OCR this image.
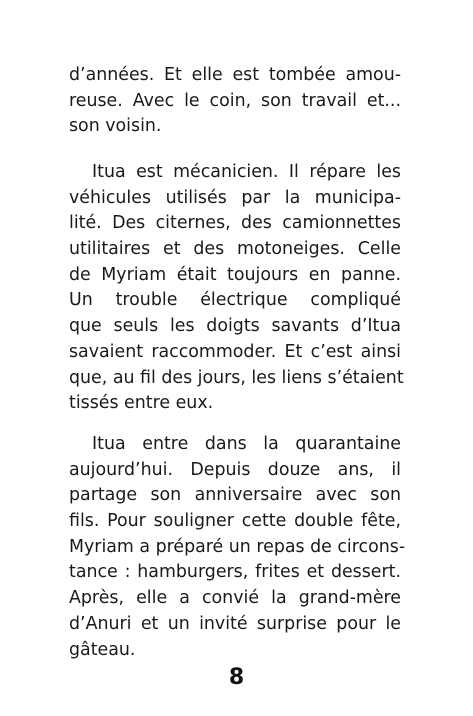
d’années. Et elle est tombée amou-
reuse. Avec le coin, son travail et...
son voisin.

Itua est mécanicien. Il répare les
véhicules utilisés par la municipa-
lité. Des citernes, des camionnettes
utilitaires et des motoneiges. Celle
de Myriam était toujours en panne.
Un trouble électrique compliqué
que seuls les doigts savants d’Itua
savaient raccommoder. Et c’est ainsi
que, au fil des jours, les liens s’étaient
tissés entre eux.

Itua entre dans la quarantaine
aujourd’hui. Depuis douze ans, il
partage son anniversaire avec son
fils. Pour souligner cette double fête,
Myriam a préparé un repas de circons-
tance : hamburgers, frites et dessert.
Après, elle a convié la grand-mère
d’Anuri et un invité surprise pour le
gâteau.

8
